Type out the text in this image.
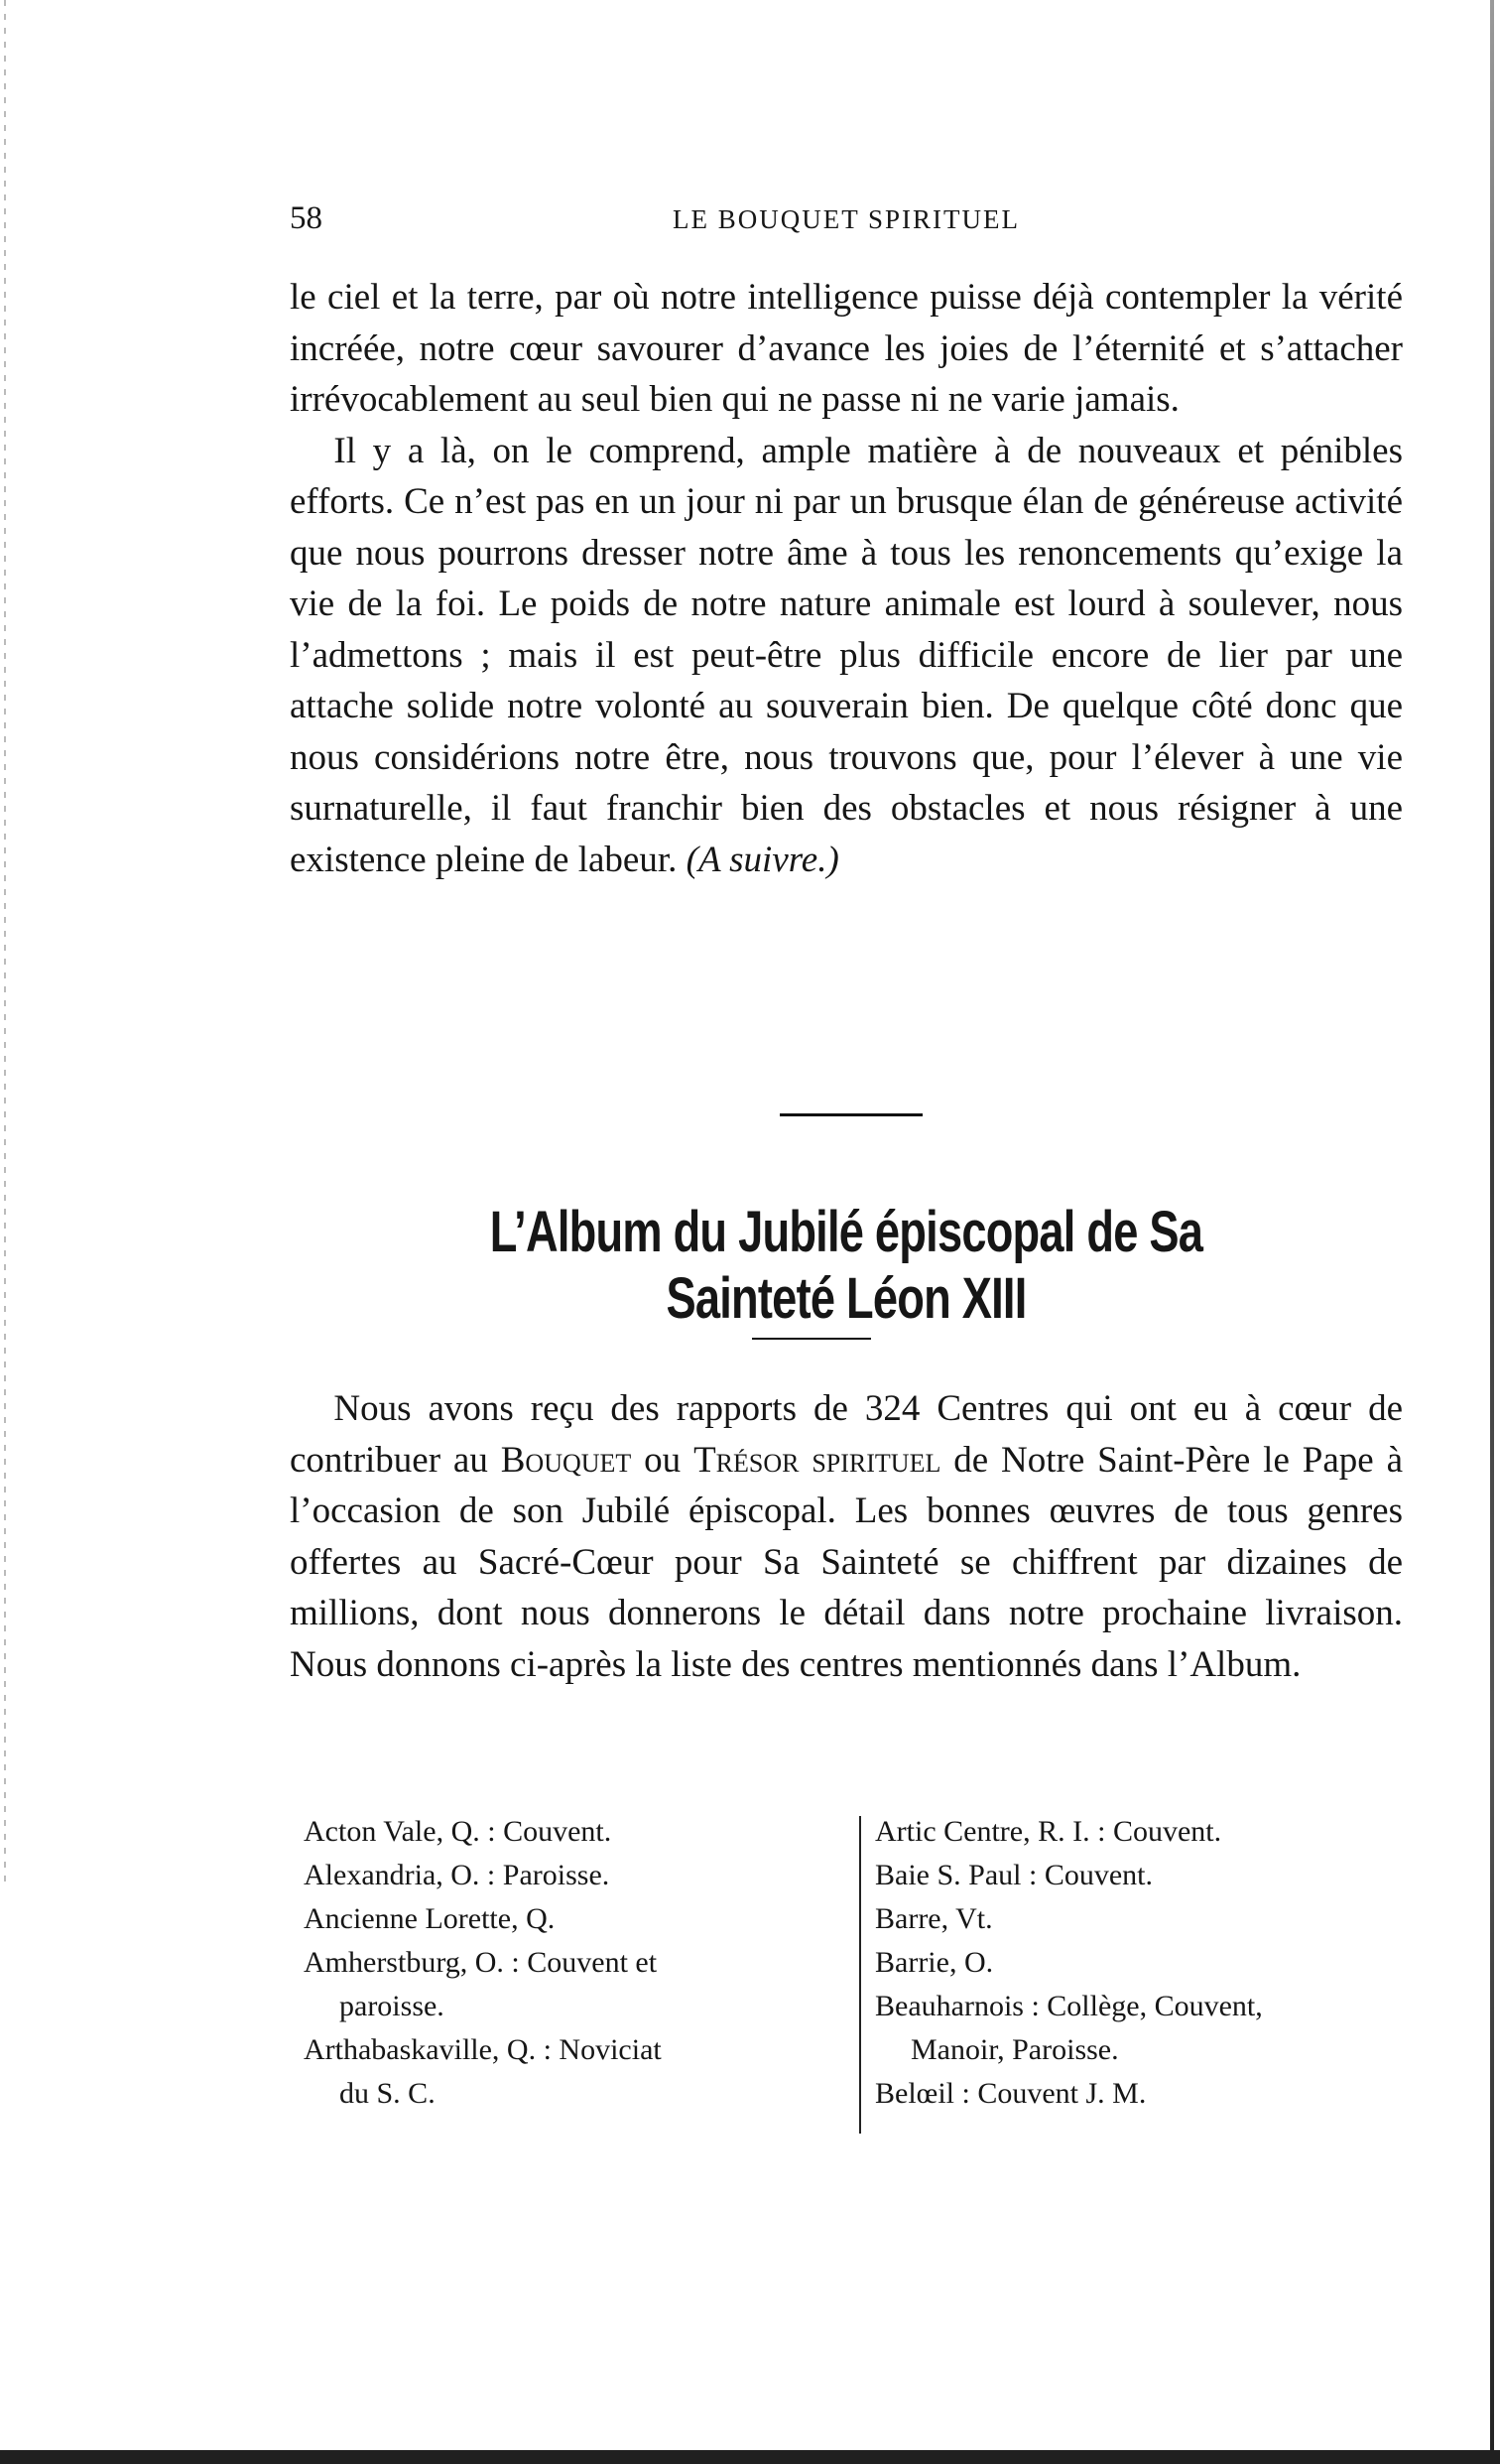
58	LE BOUQUET SPIRITUEL

le ciel et la terre, par où notre intelligence puisse déjà contempler la vérité incréée, notre cœur savourer d’avance les joies de l’éternité et s’attacher irrévocablement au seul bien qui ne passe ni ne varie jamais.

Il y a là, on le comprend, ample matière à de nouveaux et pénibles efforts. Ce n’est pas en un jour ni par un brusque élan de généreuse activité que nous pourrons dresser notre âme à tous les renoncements qu’exige la vie de la foi. Le poids de notre nature animale est lourd à soulever, nous l’admettons ; mais il est peut-être plus difficile encore de lier par une attache solide notre volonté au souverain bien. De quelque côté donc que nous considérions notre être, nous trouvons que, pour l’élever à une vie surnaturelle, il faut franchir bien des obstacles et nous résigner à une existence pleine de labeur. (A suivre.)

L’Album du Jubilé épiscopal de Sa Sainteté Léon XIII

Nous avons reçu des rapports de 324 Centres qui ont eu à cœur de contribuer au Bouquet ou Trésor spirituel de Notre Saint-Père le Pape à l’occasion de son Jubilé épiscopal. Les bonnes œuvres de tous genres offertes au Sacré-Cœur pour Sa Sainteté se chiffrent par dizaines de millions, dont nous donnerons le détail dans notre prochaine livraison. Nous donnons ci-après la liste des centres mentionnés dans l’Album.

Acton Vale, Q. : Couvent.
Alexandria, O. : Paroisse.
Ancienne Lorette, Q.
Amherstburg, O. : Couvent et
paroisse.
Arthabaskaville, Q. : Noviciat
du S. C.
Artic Centre, R. I. : Couvent.
Baie S. Paul : Couvent.
Barre, Vt.
Barrie, O.
Beauharnois : Collège, Couvent,
Manoir, Paroisse.
Belœil : Couvent J. M.
